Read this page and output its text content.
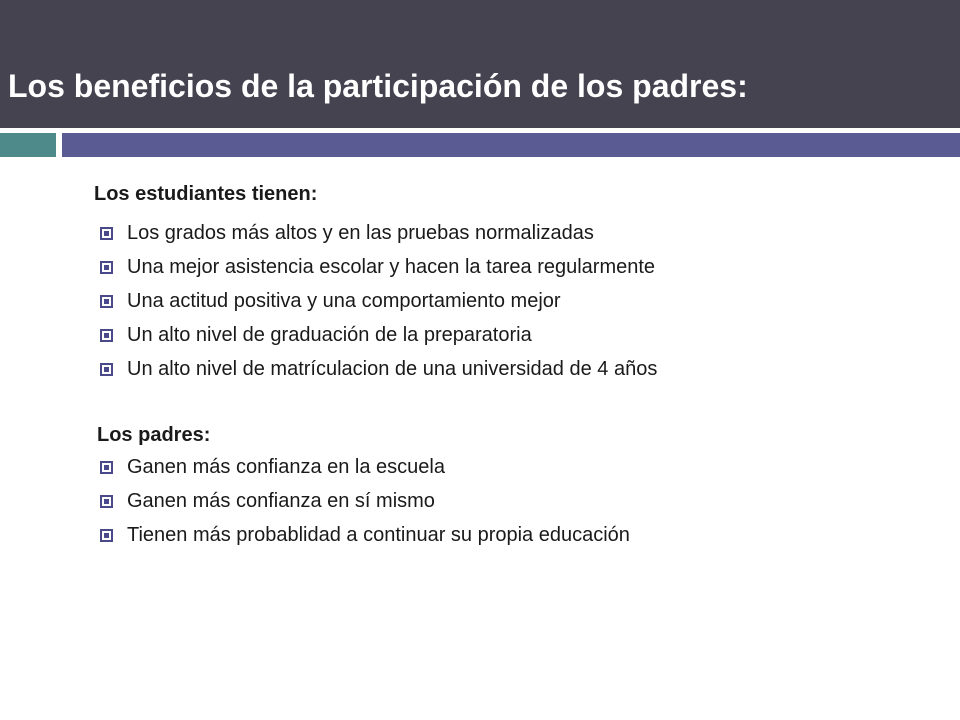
Los beneficios de la participación de los padres:
Los estudiantes tienen:
Los grados más altos y en las pruebas normalizadas
Una mejor asistencia escolar y hacen la tarea regularmente
Una actitud positiva y una comportamiento mejor
Un alto nivel de graduación de la preparatoria
Un alto nivel de matrículacion de una universidad de 4 años
Los padres:
Ganen más confianza en la escuela
Ganen más confianza en sí mismo
Tienen más probablidad a continuar su propia educación
